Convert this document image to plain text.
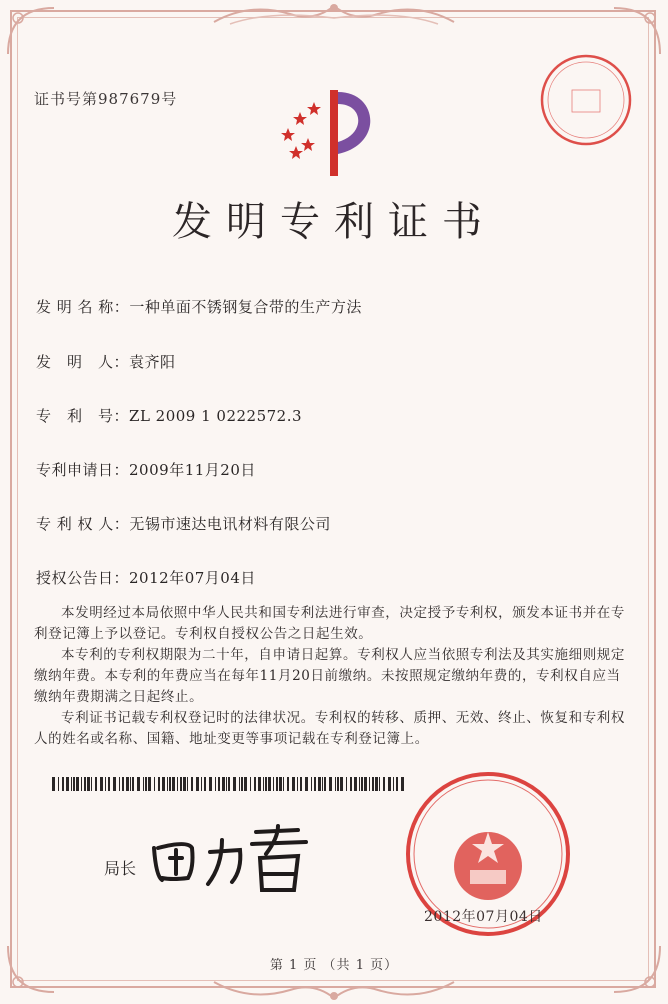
证书号第987679号
发明专利证书
发 明 名 称：一种单面不锈钢复合带的生产方法
发　明　人：袁齐阳
专　利　号：ZL 2009 1 0222572.3
专利申请日：2009年11月20日
专 利 权 人：无锡市速达电讯材料有限公司
授权公告日：2012年07月04日

本发明经过本局依照中华人民共和国专利法进行审查，决定授予专利权，颁发本证书并在专利登记簿上予以登记。专利权自授权公告之日起生效。

本专利的专利权期限为二十年，自申请日起算。专利权人应当依照专利法及其实施细则规定缴纳年费。本专利的年费应当在每年11月20日前缴纳。未按照规定缴纳年费的，专利权自应当缴纳年费期满之日起终止。

专利证书记载专利权登记时的法律状况。专利权的转移、质押、无效、终止、恢复和专利权人的姓名或名称、国籍、地址变更等事项记载在专利登记簿上。

局长
2012年07月04日
第 1 页 （共 1 页）
